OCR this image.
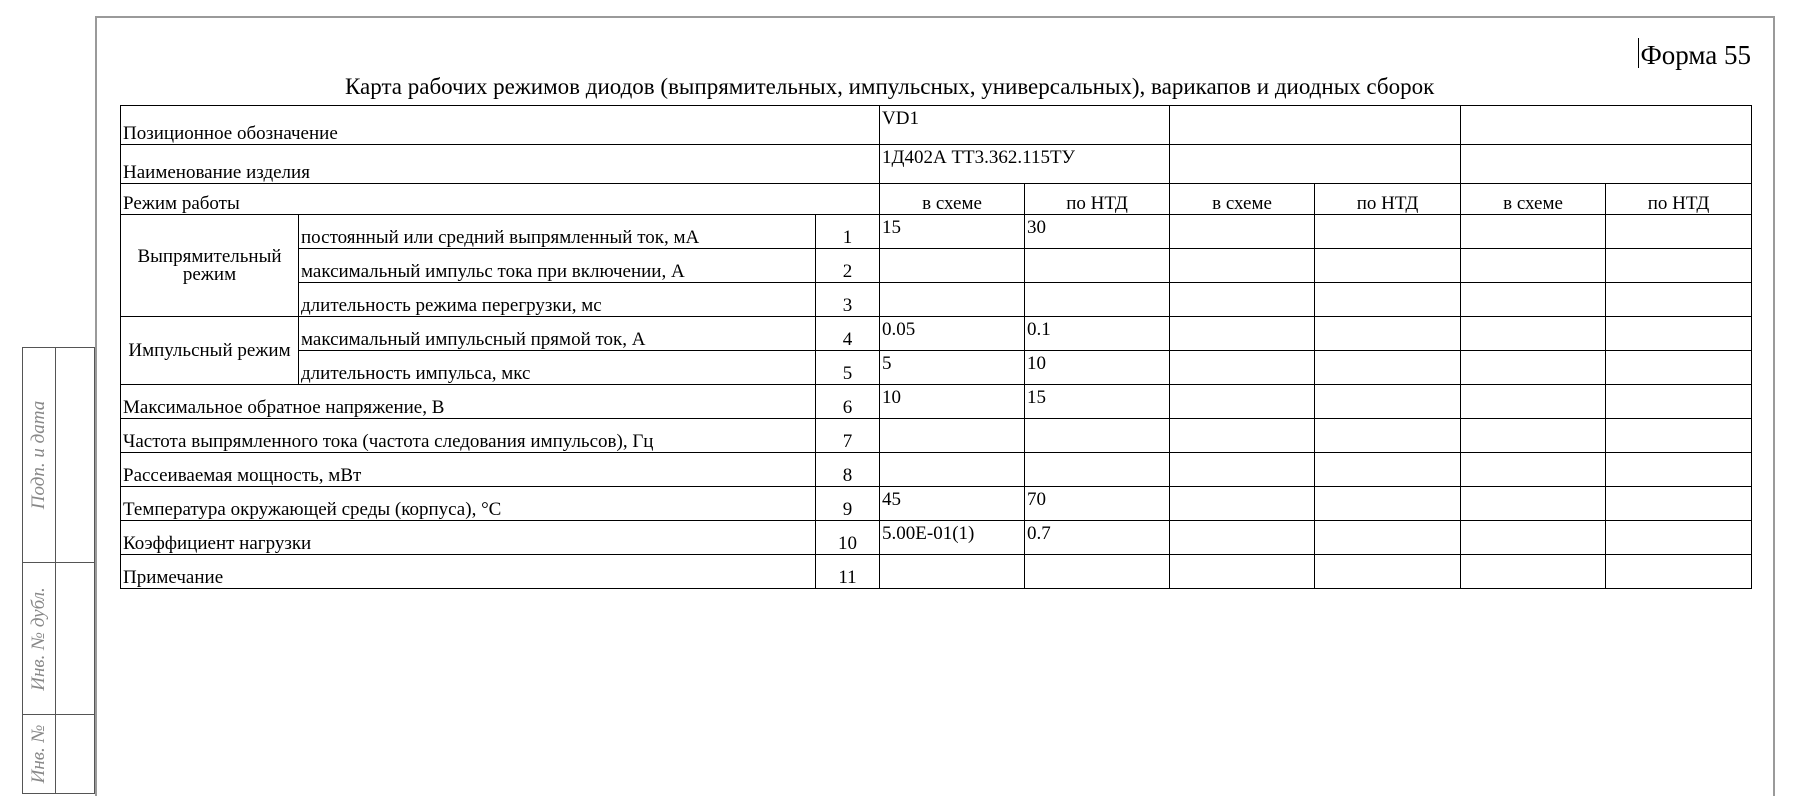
Подп. и дата
Инв. № дубл.
Инв. №
Форма 55
Карта рабочих режимов диодов (выпрямительных, импульсных, универсальных), варикапов и диодных сборок
Позиционное обозначение			VD1					
Наименование изделия			1Д402А ТТ3.362.115ТУ					
Режим работы			в схеме	по НТД	в схеме	по НТД	в схеме	по НТД
Выпрямительный режим	постоянный или средний выпрямленный ток, мА	1	15	30				
	максимальный импульс тока при включении, А	2						
	длительность режима перегрузки, мс	3						
Импульсный режим	максимальный импульсный прямой ток, А	4	0.05	0.1				
	длительность импульса, мкс	5	5	10				
Максимальное обратное напряжение, В		6	10	15				
Частота выпрямленного тока (частота следования импульсов), Гц		7						
Рассеиваемая мощность, мВт		8						
Температура окружающей среды (корпуса), °С		9	45	70				
Коэффициент нагрузки		10	5.00Е-01(1)	0.7				
Примечание		11						
